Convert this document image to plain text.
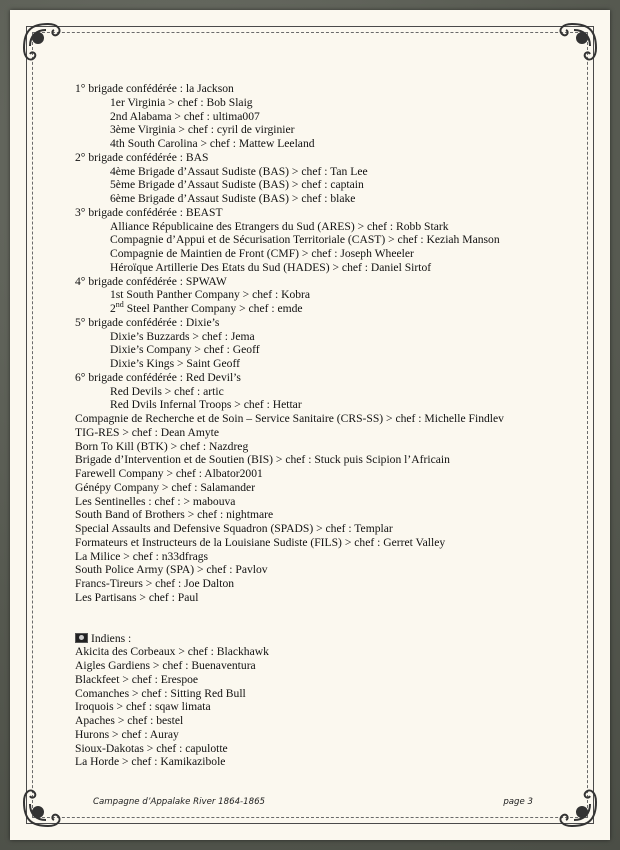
1° brigade confédérée : la Jackson
1er Virginia > chef : Bob Slaig
2nd Alabama > chef : ultima007
3ème Virginia > chef : cyril de virginier
4th South Carolina > chef : Mattew Leeland
2° brigade confédérée : BAS
4ème Brigade d’Assaut Sudiste (BAS) > chef : Tan Lee
5ème Brigade d’Assaut Sudiste (BAS) > chef : captain
6ème Brigade d’Assaut Sudiste (BAS) > chef : blake
3° brigade confédérée : BEAST
Alliance Républicaine des Etrangers du Sud (ARES) > chef : Robb Stark
Compagnie d’Appui et de Sécurisation Territoriale (CAST) > chef : Keziah Manson
Compagnie de Maintien de Front (CMF) > chef : Joseph Wheeler
Héroïque Artillerie Des Etats du Sud (HADES) > chef : Daniel Sirtof
4° brigade confédérée : SPWAW
1st South Panther Company > chef : Kobra
2nd Steel Panther Company > chef : emde
5° brigade confédérée : Dixie’s
Dixie’s Buzzards > chef : Jema
Dixie’s Company > chef : Geoff
Dixie’s Kings > Saint Geoff
6° brigade confédérée : Red Devil’s
Red Devils > chef : artic
Red Dvils Infernal Troops > chef : Hettar
Compagnie de Recherche et de Soin – Service Sanitaire (CRS-SS) > chef : Michelle Findlev
TIG-RES > chef : Dean Amyte
Born To Kill (BTK) > chef : Nazdreg
Brigade d’Intervention et de Soutien (BIS) > chef : Stuck puis Scipion l’Africain
Farewell Company > chef : Albator2001
Génépy Company > chef : Salamander
Les Sentinelles : chef : > mabouva
South Band of Brothers > chef : nightmare
Special Assaults and Defensive Squadron (SPADS) > chef : Templar
Formateurs et Instructeurs de la Louisiane Sudiste (FILS) > chef : Gerret Valley
La Milice > chef : n33dfrags
South Police Army (SPA) > chef : Pavlov
Francs-Tireurs > chef : Joe Dalton
Les Partisans > chef : Paul
Indiens :
Akicita des Corbeaux > chef : Blackhawk
Aigles Gardiens > chef : Buenaventura
Blackfeet > chef : Erespoe
Comanches > chef : Sitting Red Bull
Iroquois > chef : sqaw limata
Apaches > chef : bestel
Hurons > chef : Auray
Sioux-Dakotas > chef : capulotte
La Horde > chef : Kamikazibole
Campagne d’Appalake River 1864-1865	page 3
